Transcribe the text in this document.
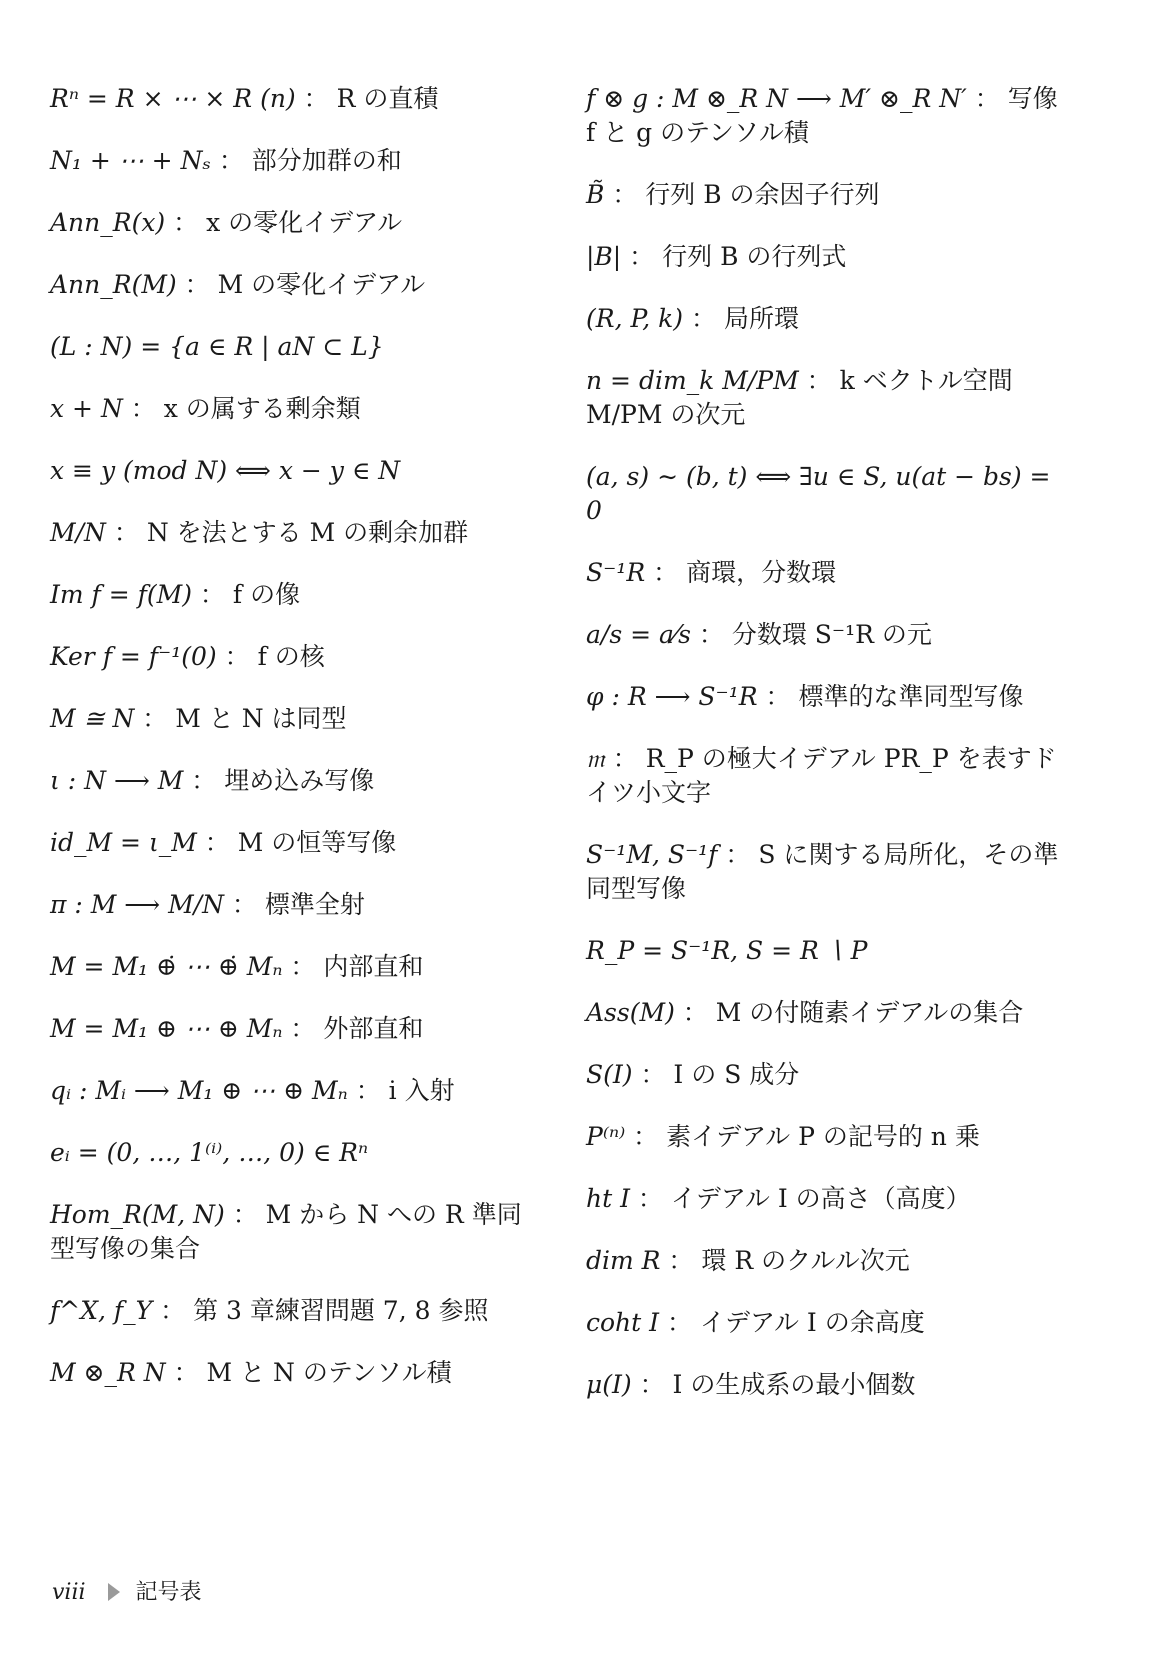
Rⁿ = R × ⋯ × R (n) ： R の直積

N₁ + ⋯ + Nₛ ： 部分加群の和

Ann_R(x) ： x の零化イデアル

Ann_R(M) ： M の零化イデアル

(L : N) = {a ∈ R | aN ⊂ L}

x + N ： x の属する剰余類

x ≡ y (mod N) ⟺ x − y ∈ N

M/N ： N を法とする M の剰余加群

Im f = f(M) ： f の像

Ker f = f⁻¹(0) ： f の核

M ≅ N ： M と N は同型

ι : N ⟶ M ： 埋め込み写像

id_M = ι_M ： M の恒等写像

π : M ⟶ M/N ： 標準全射

M = M₁ ⊕̇ ⋯ ⊕̇ Mₙ ： 内部直和

M = M₁ ⊕ ⋯ ⊕ Mₙ ： 外部直和

qᵢ : Mᵢ ⟶ M₁ ⊕ ⋯ ⊕ Mₙ ： i 入射

eᵢ = (0, …, 1⁽ⁱ⁾, …, 0) ∈ Rⁿ

Hom_R(M, N) ： M から N への R 準同型写像の集合

f^X, f_Y ： 第 3 章練習問題 7, 8 参照

M ⊗_R N ： M と N のテンソル積

f ⊗ g : M ⊗_R N ⟶ M′ ⊗_R N′ ： 写像 f と g のテンソル積

B̃ ： 行列 B の余因子行列

|B| ： 行列 B の行列式

(R, P, k) ： 局所環

n = dim_k M/PM ： k ベクトル空間 M/PM の次元

(a, s) ∼ (b, t) ⟺ ∃u ∈ S, u(at − bs) = 0

S⁻¹R ： 商環，分数環

a/s = a⁄s ： 分数環 S⁻¹R の元

φ : R ⟶ S⁻¹R ： 標準的な準同型写像

𝔪 ： R_P の極大イデアル PR_P を表すドイツ小文字

S⁻¹M, S⁻¹f ： S に関する局所化，その準同型写像

R_P = S⁻¹R, S = R ∖ P

Ass(M) ： M の付随素イデアルの集合

S(I) ： I の S 成分

P⁽ⁿ⁾ ： 素イデアル P の記号的 n 乗

ht I ： イデアル I の高さ（高度）

dim R ： 環 R のクルル次元

coht I ： イデアル I の余高度

μ(I) ： I の生成系の最小個数

viii 記号表
